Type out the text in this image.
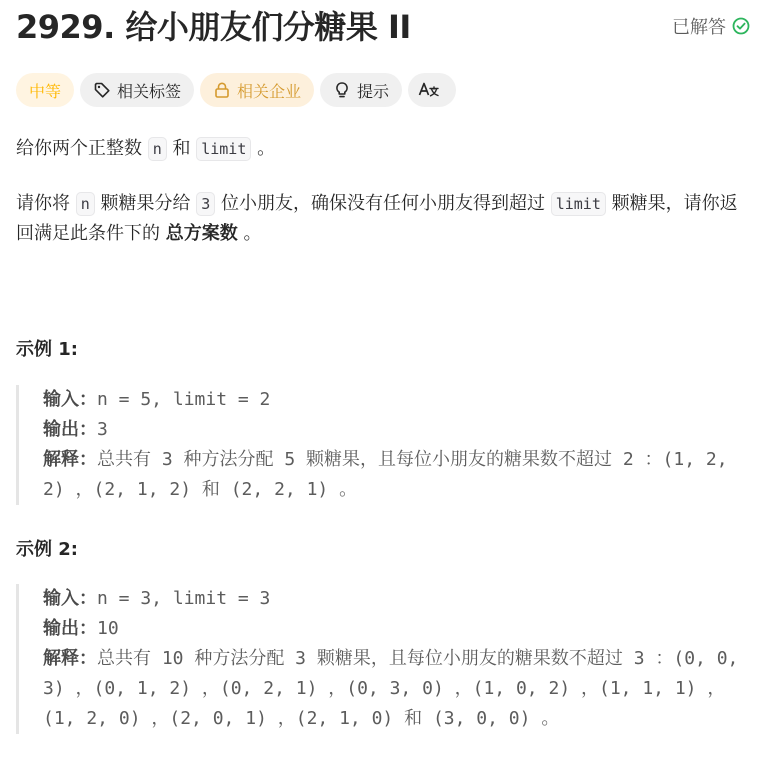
2929. 给小朋友们分糖果 II	已解答
中等	相关标签	相关企业	提示

给你两个正整数 n 和 limit 。

请你将 n 颗糖果分给 3 位小朋友，确保没有任何小朋友得到超过 limit 颗糖果，请你返回满足此条件下的 总方案数 。

示例 1:
输入：n = 5, limit = 2
输出：3
解释：总共有 3 种方法分配 5 颗糖果，且每位小朋友的糖果数不超过 2 ：(1, 2, 2) ，(2, 1, 2) 和 (2, 2, 1) 。
示例 2:
输入：n = 3, limit = 3
输出：10
解释：总共有 10 种方法分配 3 颗糖果，且每位小朋友的糖果数不超过 3 ：(0, 0, 3) ，(0, 1, 2) ，(0, 2, 1) ，(0, 3, 0) ，(1, 0, 2) ，(1, 1, 1) ，(1, 2, 0) ，(2, 0, 1) ，(2, 1, 0) 和 (3, 0, 0) 。
